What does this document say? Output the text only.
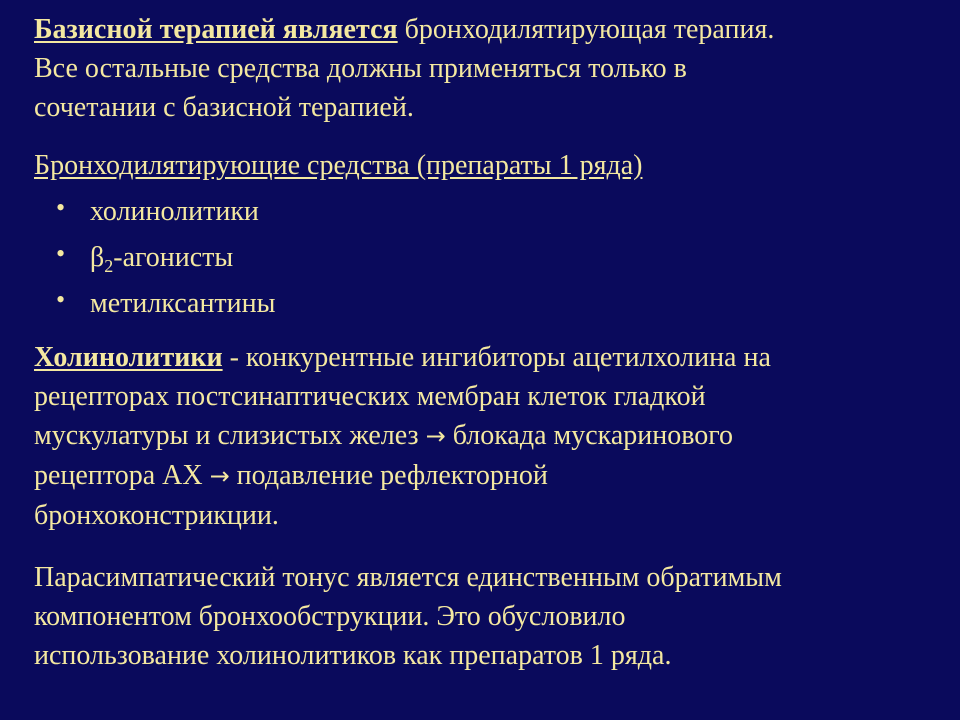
Базисной терапией является бронходилятирующая терапия.
Все остальные средства должны применяться только в
сочетании с базисной терапией.

Бронходилятирующие средства (препараты 1 ряда)

• холинолитики
• $\beta_2$-агонисты
• метилксантины

Холинолитики - конкурентные ингибиторы ацетилхолина на
рецепторах постсинаптических мембран клеток гладкой
мускулатуры и слизистых желез → блокада мускаринового
рецептора АХ → подавление рефлекторной
бронхоконстрикции.

Парасимпатический тонус является единственным обратимым
компонентом бронхообструкции. Это обусловило
использование холинолитиков как препаратов 1 ряда.
